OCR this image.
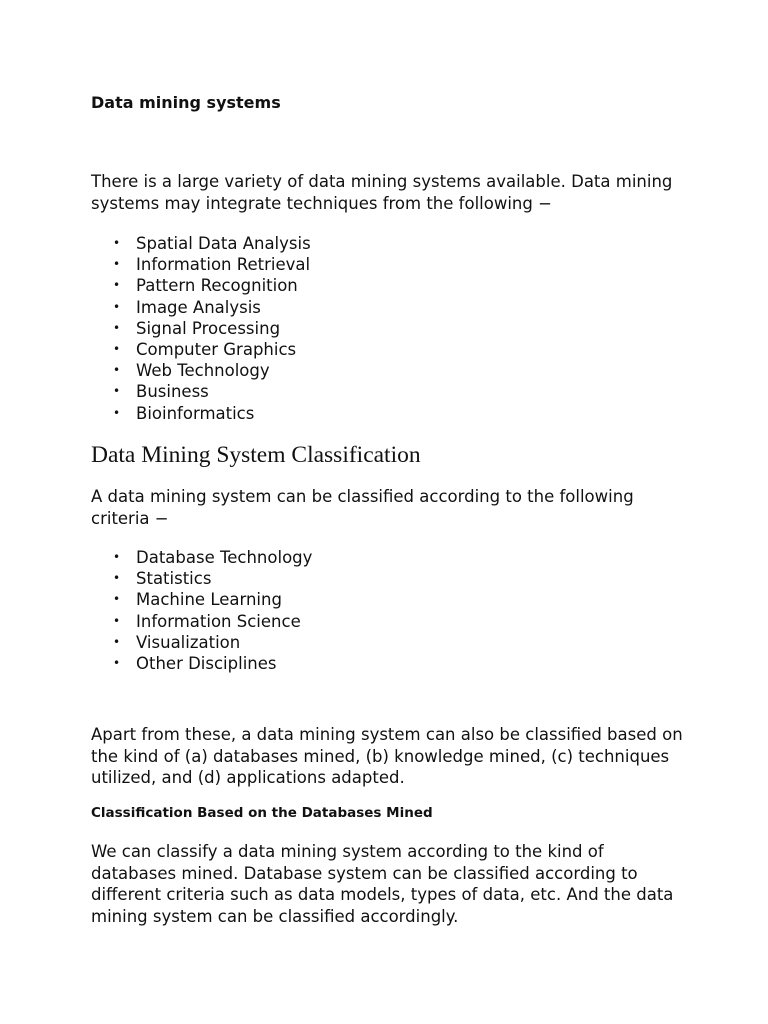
Data mining systems

There is a large variety of data mining systems available. Data mining systems may integrate techniques from the following −

• Spatial Data Analysis
• Information Retrieval
• Pattern Recognition
• Image Analysis
• Signal Processing
• Computer Graphics
• Web Technology
• Business
• Bioinformatics
Data Mining System Classification

A data mining system can be classified according to the following criteria −

• Database Technology
• Statistics
• Machine Learning
• Information Science
• Visualization
• Other Disciplines

Apart from these, a data mining system can also be classified based on the kind of (a) databases mined, (b) knowledge mined, (c) techniques utilized, and (d) applications adapted.

Classification Based on the Databases Mined

We can classify a data mining system according to the kind of databases mined. Database system can be classified according to different criteria such as data models, types of data, etc. And the data mining system can be classified accordingly.
